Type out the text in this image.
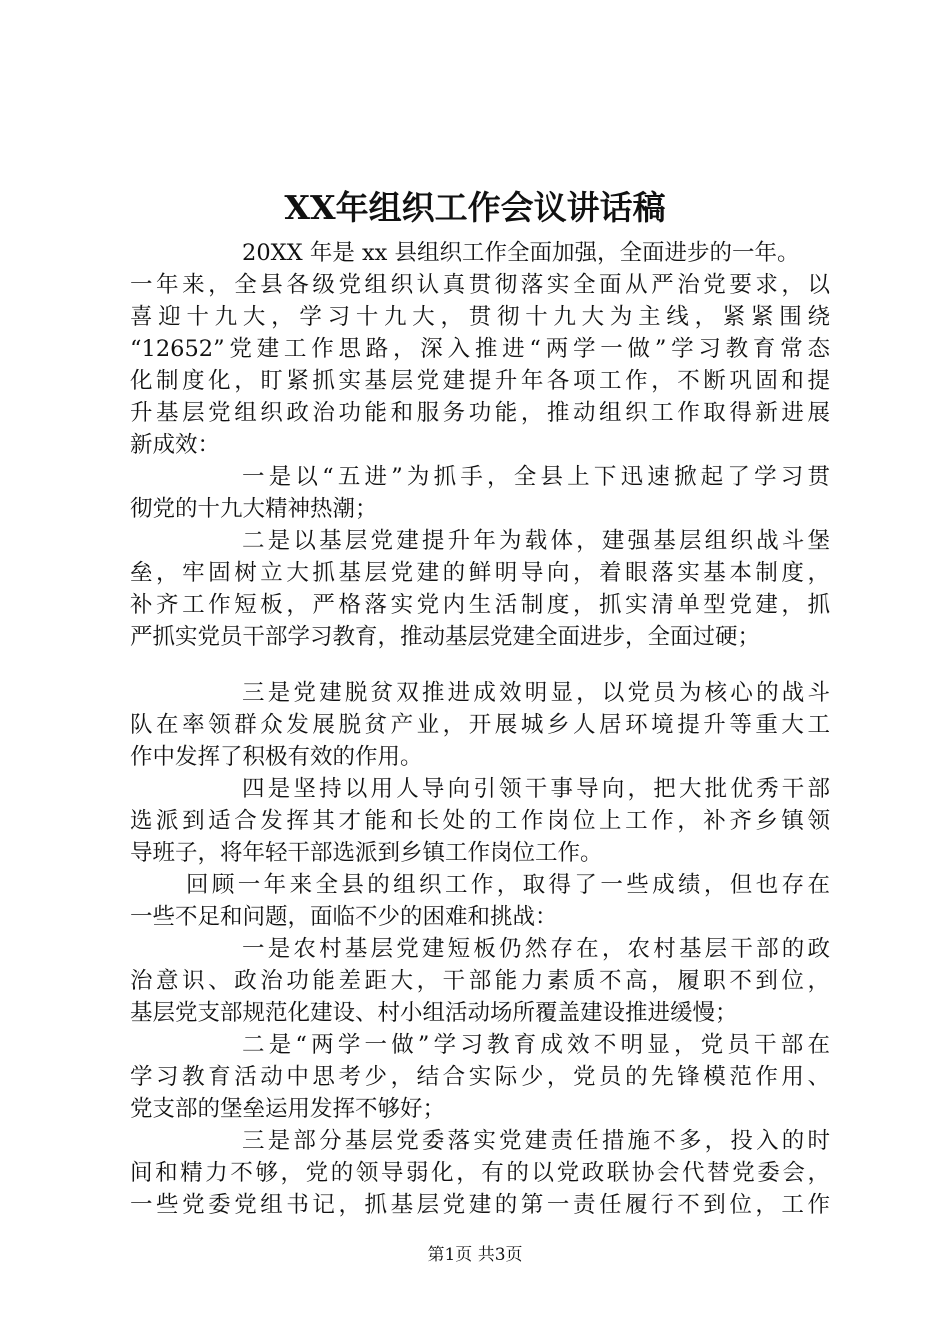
XX年组织工作会议讲话稿
20XX 年是 xx 县组织工作全面加强，全面进步的一年。
一年来，全县各级党组织认真贯彻落实全面从严治党要求，以
喜迎十九大，学习十九大，贯彻十九大为主线，紧紧围绕
“12652”党建工作思路，深入推进“两学一做”学习教育常态
化制度化，盯紧抓实基层党建提升年各项工作，不断巩固和提
升基层党组织政治功能和服务功能，推动组织工作取得新进展
新成效：
一是以“五进”为抓手，全县上下迅速掀起了学习贯
彻党的十九大精神热潮；
二是以基层党建提升年为载体，建强基层组织战斗堡
垒，牢固树立大抓基层党建的鲜明导向，着眼落实基本制度，
补齐工作短板，严格落实党内生活制度，抓实清单型党建，抓
严抓实党员干部学习教育，推动基层党建全面进步，全面过硬；
三是党建脱贫双推进成效明显，以党员为核心的战斗
队在率领群众发展脱贫产业，开展城乡人居环境提升等重大工
作中发挥了积极有效的作用。
四是坚持以用人导向引领干事导向，把大批优秀干部
选派到适合发挥其才能和长处的工作岗位上工作，补齐乡镇领
导班子，将年轻干部选派到乡镇工作岗位工作。
回顾一年来全县的组织工作，取得了一些成绩，但也存在
一些不足和问题，面临不少的困难和挑战：
一是农村基层党建短板仍然存在，农村基层干部的政
治意识、政治功能差距大，干部能力素质不高，履职不到位，
基层党支部规范化建设、村小组活动场所覆盖建设推进缓慢；
二是“两学一做”学习教育成效不明显，党员干部在
学习教育活动中思考少，结合实际少，党员的先锋模范作用、
党支部的堡垒运用发挥不够好；
三是部分基层党委落实党建责任措施不多，投入的时
间和精力不够，党的领导弱化，有的以党政联协会代替党委会，
一些党委党组书记，抓基层党建的第一责任履行不到位，工作
第1页 共3页
